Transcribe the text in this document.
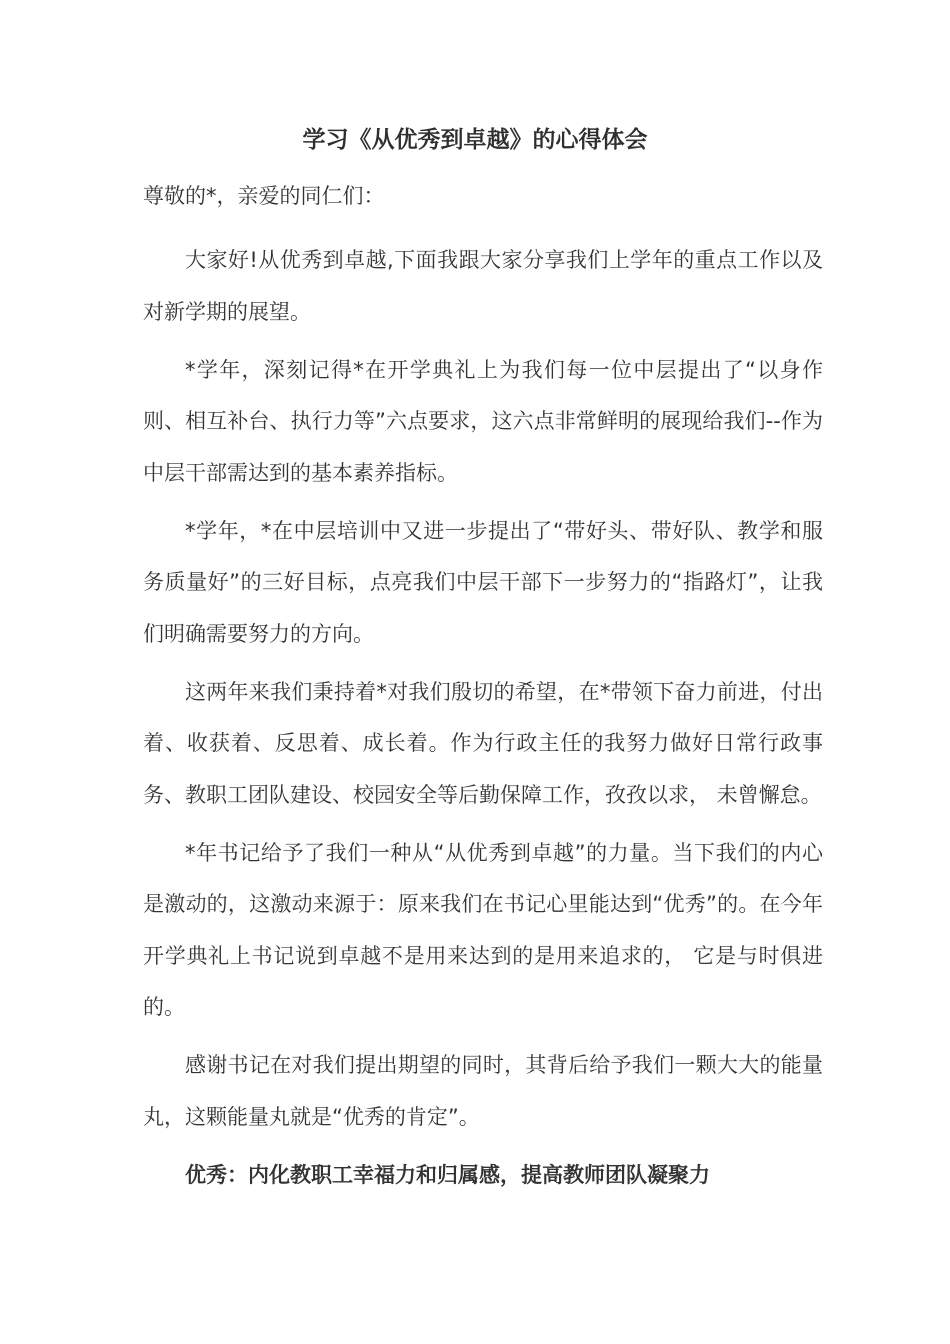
学习《从优秀到卓越》的心得体会
尊敬的*，亲爱的同仁们：

大家好!从优秀到卓越,下面我跟大家分享我们上学年的重点工作以及对新学期的展望。

*学年，深刻记得*在开学典礼上为我们每一位中层提出了“以身作则、相互补台、执行力等”六点要求，这六点非常鲜明的展现给我们--作为中层干部需达到的基本素养指标。

*学年，*在中层培训中又进一步提出了“带好头、带好队、教学和服务质量好”的三好目标，点亮我们中层干部下一步努力的“指路灯”，让我们明确需要努力的方向。

这两年来我们秉持着*对我们殷切的希望，在*带领下奋力前进，付出着、收获着、反思着、成长着。作为行政主任的我努力做好日常行政事务、教职工团队建设、校园安全等后勤保障工作，孜孜以求， 未曾懈怠。

*年书记给予了我们一种从“从优秀到卓越”的力量。当下我们的内心是激动的，这激动来源于：原来我们在书记心里能达到“优秀”的。在今年开学典礼上书记说到卓越不是用来达到的是用来追求的， 它是与时俱进的。

感谢书记在对我们提出期望的同时，其背后给予我们一颗大大的能量丸，这颗能量丸就是“优秀的肯定”。

优秀：内化教职工幸福力和归属感，提高教师团队凝聚力
